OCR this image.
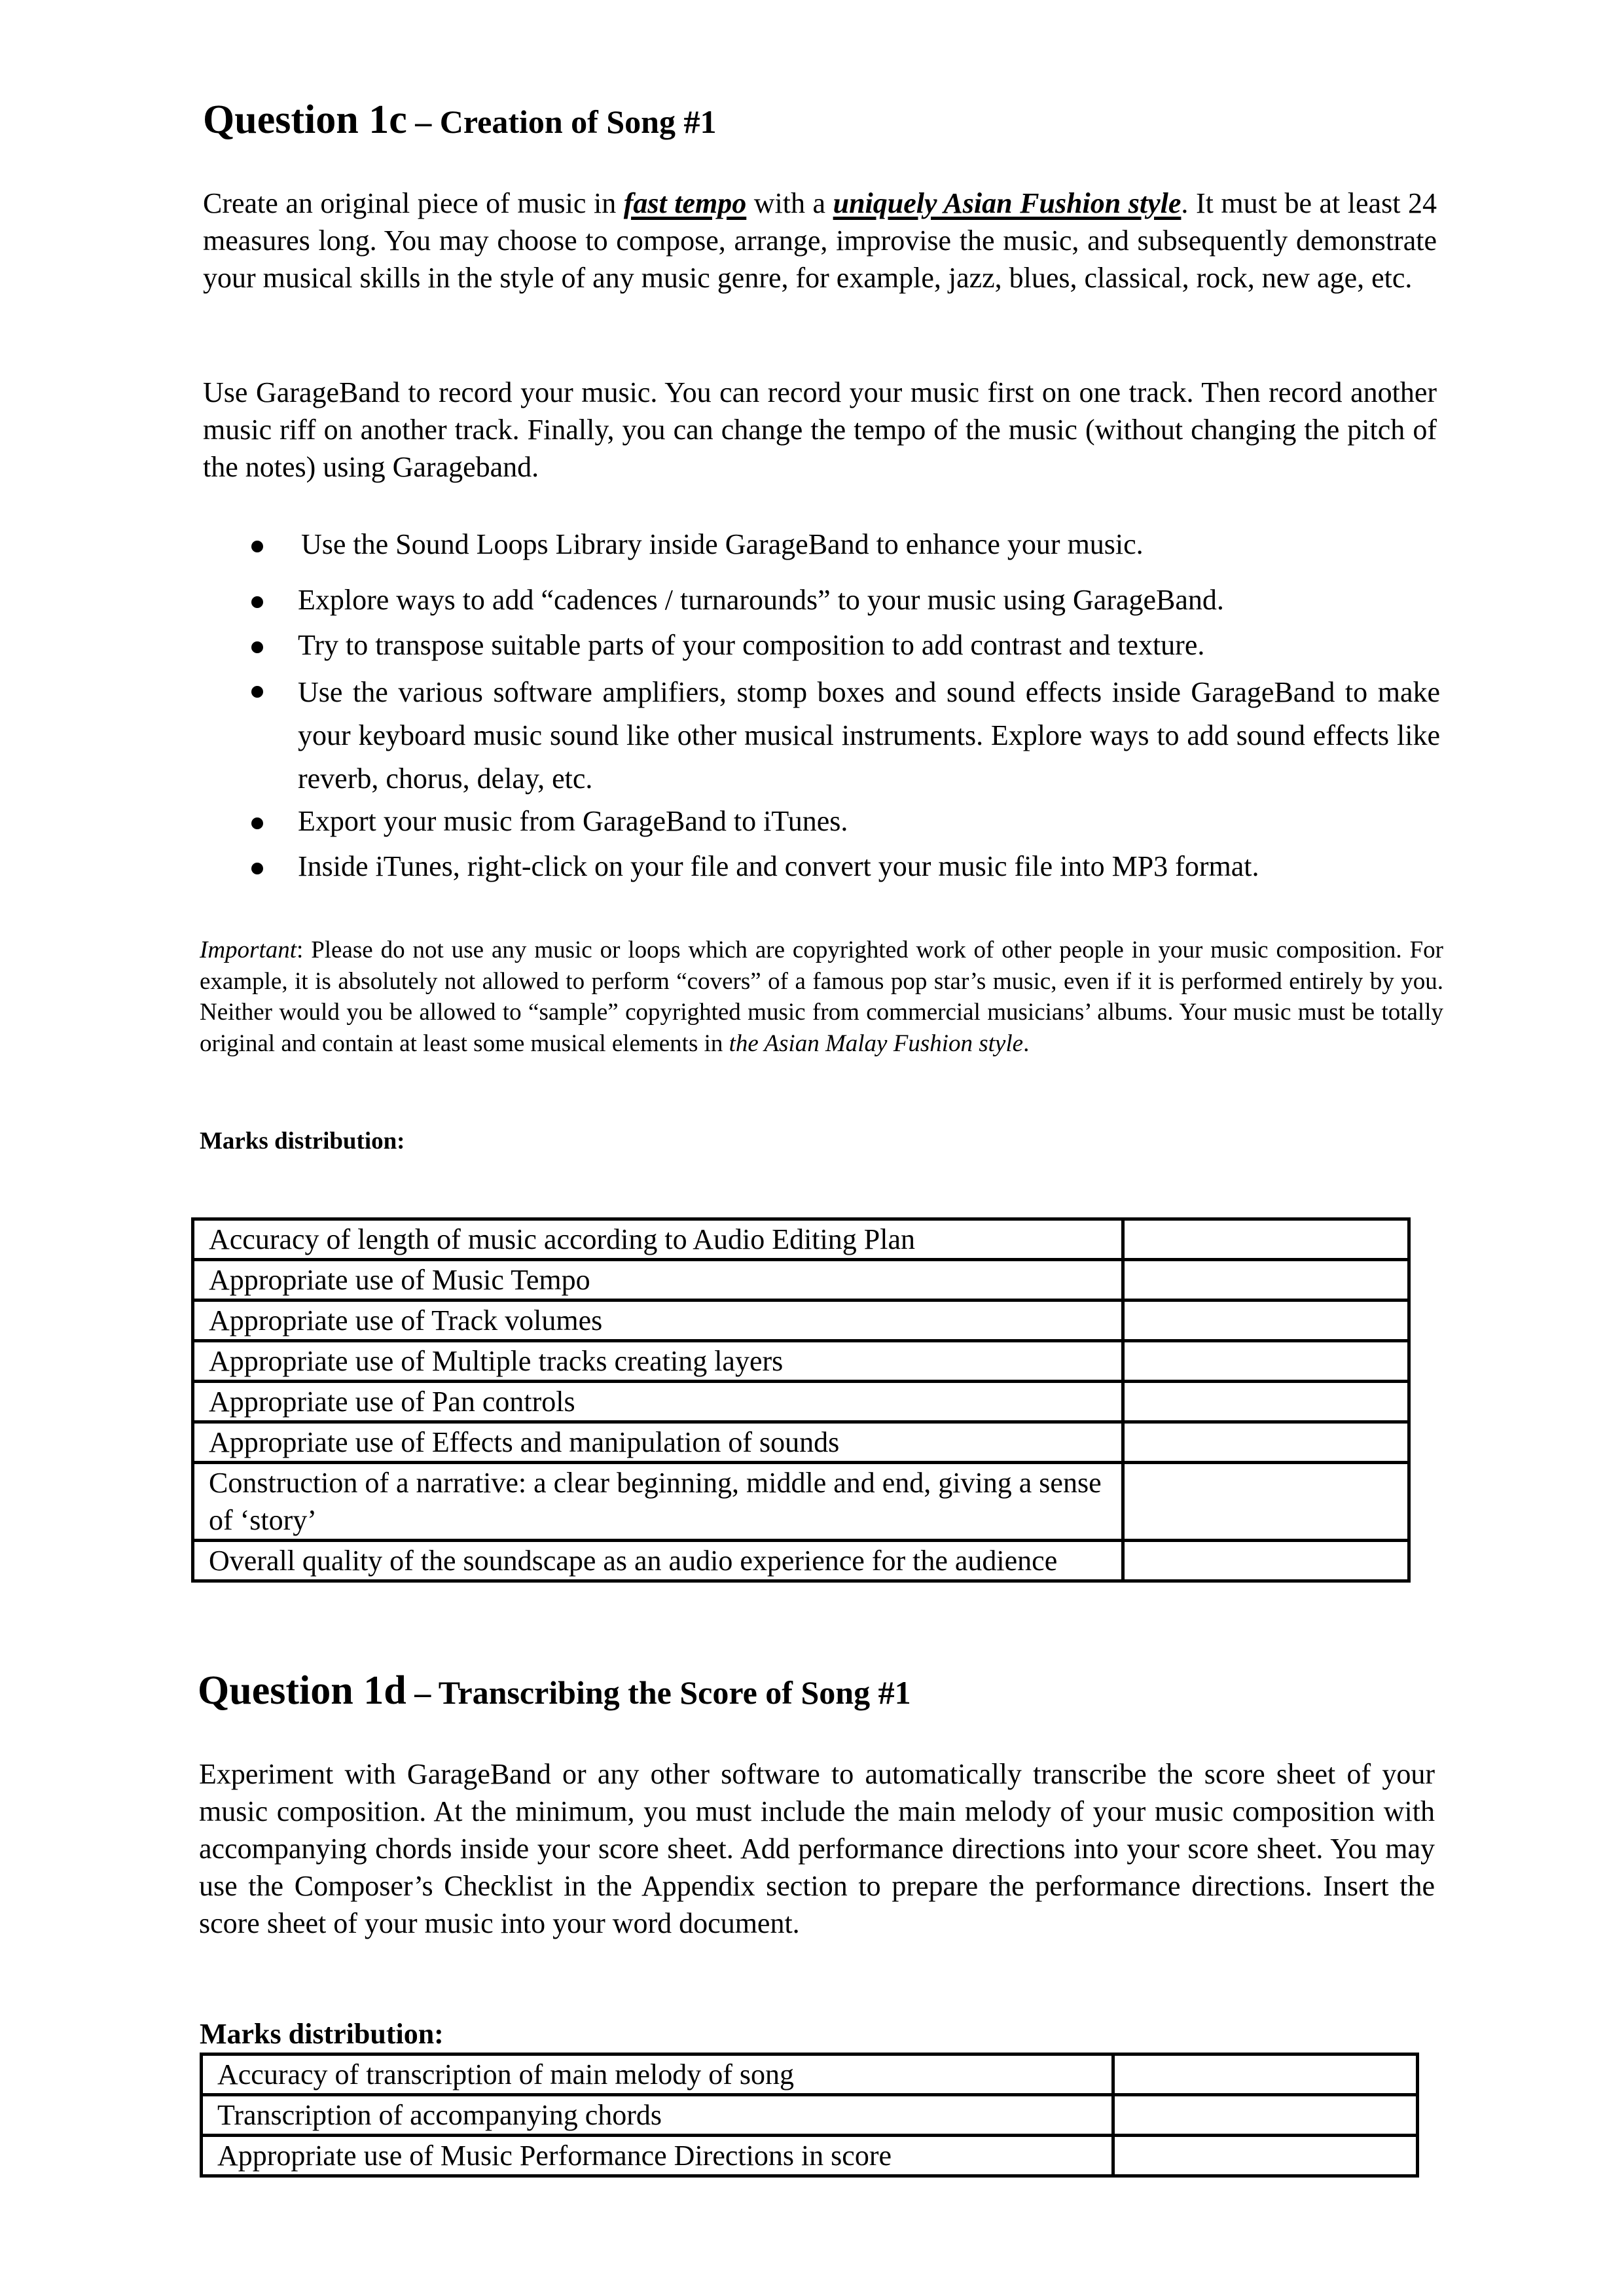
Question 1c – Creation of Song #1

Create an original piece of music in fast tempo with a uniquely Asian Fushion style. It must be at least 24 measures long. You may choose to compose, arrange, improvise the music, and subsequently demonstrate your musical skills in the style of any music genre, for example, jazz, blues, classical, rock, new age, etc.

Use GarageBand to record your music. You can record your music first on one track. Then record another music riff on another track. Finally, you can change the tempo of the music (without changing the pitch of the notes) using Garageband.

Use the Sound Loops Library inside GarageBand to enhance your music.
Explore ways to add “cadences / turnarounds” to your music using GarageBand.
Try to transpose suitable parts of your composition to add contrast and texture.
Use the various software amplifiers, stomp boxes and sound effects inside GarageBand to make your keyboard music sound like other musical instruments. Explore ways to add sound effects like reverb, chorus, delay, etc.
Export your music from GarageBand to iTunes.
Inside iTunes, right-click on your file and convert your music file into MP3 format.

Important: Please do not use any music or loops which are copyrighted work of other people in your music composition. For example, it is absolutely not allowed to perform “covers” of a famous pop star’s music, even if it is performed entirely by you. Neither would you be allowed to “sample” copyrighted music from commercial musicians’ albums. Your music must be totally original and contain at least some musical elements in the Asian Malay Fushion style.

Marks distribution:
Accuracy of length of music according to Audio Editing Plan	
Appropriate use of Music Tempo	
Appropriate use of Track volumes	
Appropriate use of Multiple tracks creating layers	
Appropriate use of Pan controls	
Appropriate use of Effects and manipulation of sounds	
Construction of a narrative: a clear beginning, middle and end, giving a sense of ‘story’	
Overall quality of the soundscape as an audio experience for the audience	
Question 1d – Transcribing the Score of Song #1

Experiment with GarageBand or any other software to automatically transcribe the score sheet of your music composition. At the minimum, you must include the main melody of your music composition with accompanying chords inside your score sheet. Add performance directions into your score sheet. You may use the Composer’s Checklist in the Appendix section to prepare the performance directions. Insert the score sheet of your music into your word document.

Marks distribution:
Accuracy of transcription of main melody of song	
Transcription of accompanying chords	
Appropriate use of Music Performance Directions in score	
